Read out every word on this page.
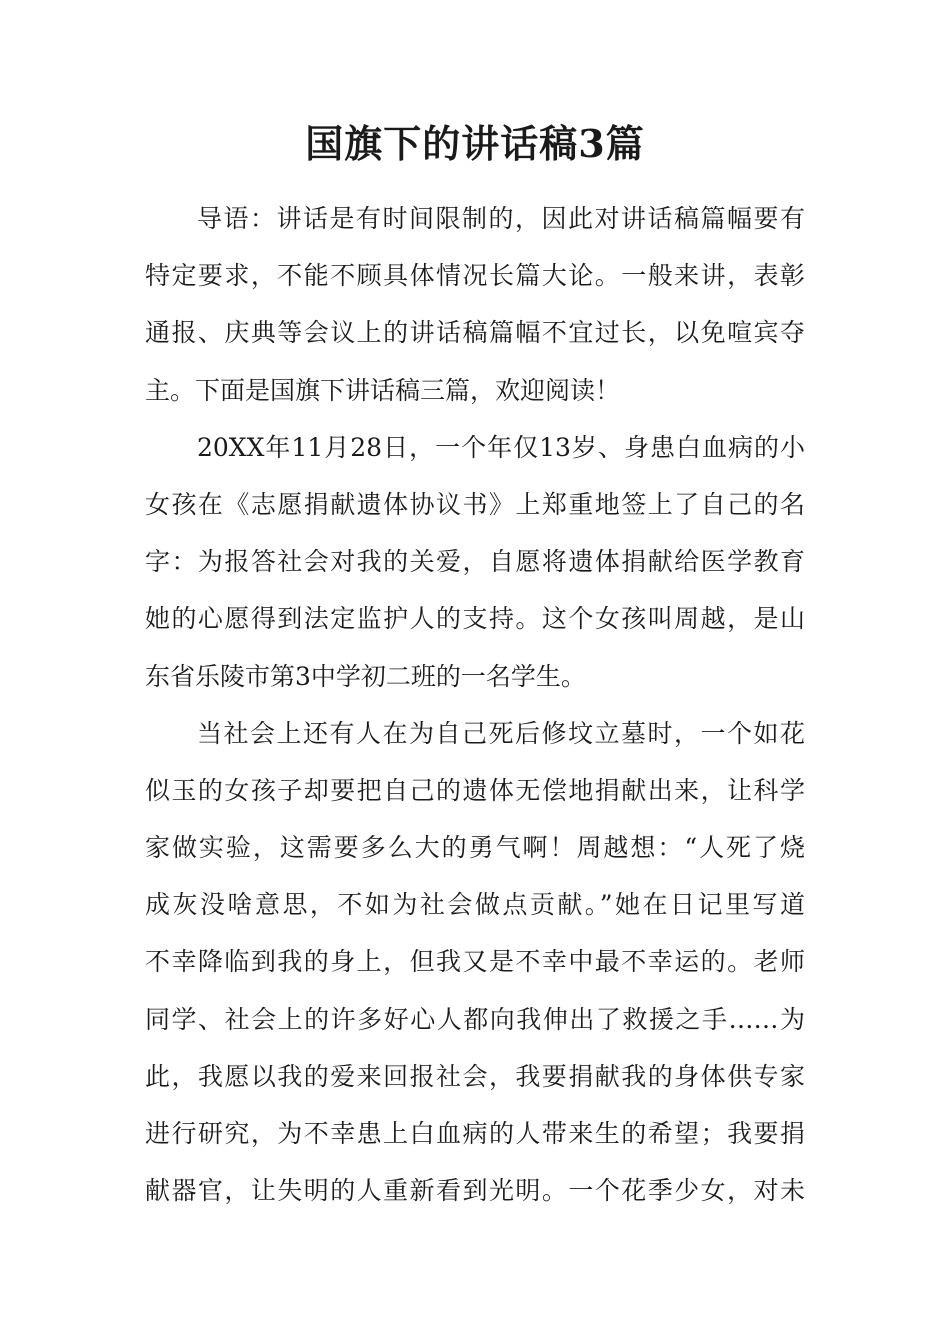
国旗下的讲话稿3篇
导语：讲话是有时间限制的，因此对讲话稿篇幅要有
特定要求，不能不顾具体情况长篇大论。一般来讲，表彰
通报、庆典等会议上的讲话稿篇幅不宜过长，以免喧宾夺
主。下面是国旗下讲话稿三篇，欢迎阅读！
20XX年11月28日，一个年仅13岁、身患白血病的小
女孩在《志愿捐献遗体协议书》上郑重地签上了自己的名
字：为报答社会对我的关爱，自愿将遗体捐献给医学教育
她的心愿得到法定监护人的支持。这个女孩叫周越，是山
东省乐陵市第3中学初二班的一名学生。
当社会上还有人在为自己死后修坟立墓时，一个如花
似玉的女孩子却要把自己的遗体无偿地捐献出来，让科学
家做实验，这需要多么大的勇气啊！周越想：“人死了烧
成灰没啥意思，不如为社会做点贡献。”她在日记里写道
不幸降临到我的身上，但我又是不幸中最不幸运的。老师
同学、社会上的许多好心人都向我伸出了救援之手……为
此，我愿以我的爱来回报社会，我要捐献我的身体供专家
进行研究，为不幸患上白血病的人带来生的希望；我要捐
献器官，让失明的人重新看到光明。一个花季少女，对未
